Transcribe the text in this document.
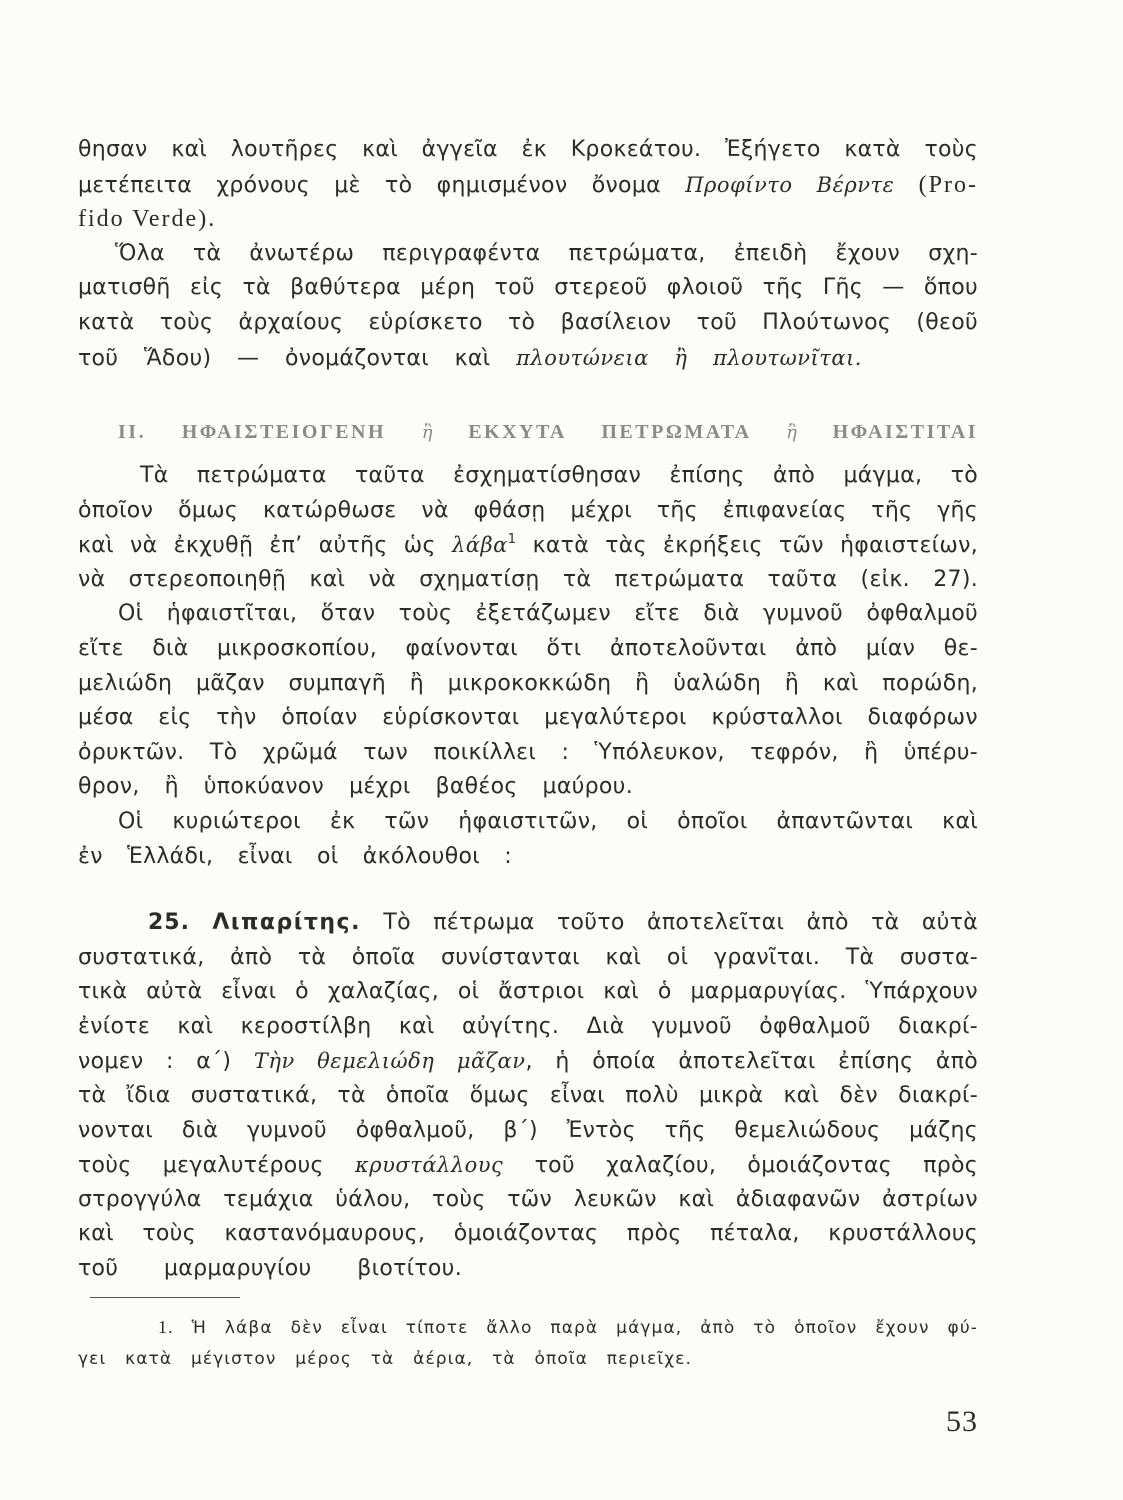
θησαν καὶ λουτῆρες καὶ ἀγγεῖα ἐκ Κροκεάτου. Ἐξήγετο κατὰ τοὺς
μετέπειτα χρόνους μὲ τὸ φημισμένον ὄνομα Προφίντο Βέρντε (Pro-
fido Verde).
Ὅλα τὰ ἀνωτέρω περιγραφέντα πετρώματα, ἐπειδὴ ἔχουν σχη-
ματισθῆ εἰς τὰ βαθύτερα μέρη τοῦ στερεοῦ φλοιοῦ τῆς Γῆς — ὅπου
κατὰ τοὺς ἀρχαίους εὑρίσκετο τὸ βασίλειον τοῦ Πλούτωνος (θεοῦ
τοῦ Ἅδου) — ὀνομάζονται καὶ πλουτώνεια ἢ πλουτωνῖται.
II. ΗΦΑΙΣΤΕΙΟΓΕΝΗ ἢ ΕΚΧΥΤΑ ΠΕΤΡΩΜΑΤΑ ἢ ΗΦΑΙΣΤΙΤΑΙ
Τὰ πετρώματα ταῦτα ἐσχηματίσθησαν ἐπίσης ἀπὸ μάγμα, τὸ
ὁποῖον ὅμως κατώρθωσε νὰ φθάσῃ μέχρι τῆς ἐπιφανείας τῆς γῆς
καὶ νὰ ἐκχυθῇ ἐπ’ αὐτῆς ὡς λάβα$^1$ κατὰ τὰς ἐκρήξεις τῶν ἡφαιστείων,
νὰ στερεοποιηθῇ καὶ νὰ σχηματίσῃ τὰ πετρώματα ταῦτα (εἰκ. 27).
Οἱ ἡφαιστῖται, ὅταν τοὺς ἐξετάζωμεν εἴτε διὰ γυμνοῦ ὀφθαλμοῦ
εἴτε διὰ μικροσκοπίου, φαίνονται ὅτι ἀποτελοῦνται ἀπὸ μίαν θε-
μελιώδη μᾶζαν συμπαγῆ ἢ μικροκοκκώδη ἢ ὑαλώδη ἢ καὶ πορώδη,
μέσα εἰς τὴν ὁποίαν εὑρίσκονται μεγαλύτεροι κρύσταλλοι διαφόρων
ὀρυκτῶν. Τὸ χρῶμά των ποικίλλει : Ὑπόλευκον, τεφρόν, ἢ ὑπέρυ-
θρον, ἢ ὑποκύανον μέχρι βαθέος μαύρου.
Οἱ κυριώτεροι ἐκ τῶν ἡφαιστιτῶν, οἱ ὁποῖοι ἀπαντῶνται καὶ
ἐν Ἑλλάδι, εἶναι οἱ ἀκόλουθοι :
25. Λιπαρίτης. Τὸ πέτρωμα τοῦτο ἀποτελεῖται ἀπὸ τὰ αὐτὰ
συστατικά, ἀπὸ τὰ ὁποῖα συνίστανται καὶ οἱ γρανῖται. Τὰ συστα-
τικὰ αὐτὰ εἶναι ὁ χαλαζίας, οἱ ἄστριοι καὶ ὁ μαρμαρυγίας. Ὑπάρχουν
ἐνίοτε καὶ κεροστίλβη καὶ αὐγίτης. Διὰ γυμνοῦ ὀφθαλμοῦ διακρί-
νομεν : α΄) Τὴν θεμελιώδη μᾶζαν, ἡ ὁποία ἀποτελεῖται ἐπίσης ἀπὸ
τὰ ἴδια συστατικά, τὰ ὁποῖα ὅμως εἶναι πολὺ μικρὰ καὶ δὲν διακρί-
νονται διὰ γυμνοῦ ὀφθαλμοῦ, β΄) Ἐντὸς τῆς θεμελιώδους μάζης
τοὺς μεγαλυτέρους κρυστάλλους τοῦ χαλαζίου, ὁμοιάζοντας πρὸς
στρογγύλα τεμάχια ὑάλου, τοὺς τῶν λευκῶν καὶ ἀδιαφανῶν ἀστρίων
καὶ τοὺς καστανόμαυρους, ὁμοιάζοντας πρὸς πέταλα, κρυστάλλους
τοῦ μαρμαρυγίου βιοτίτου.
1. Ἡ λάβα δὲν εἶναι τίποτε ἄλλο παρὰ μάγμα, ἀπὸ τὸ ὁποῖον ἔχουν φύ-
γει κατὰ μέγιστον μέρος τὰ ἀέρια, τὰ ὁποῖα περιεῖχε.
53
